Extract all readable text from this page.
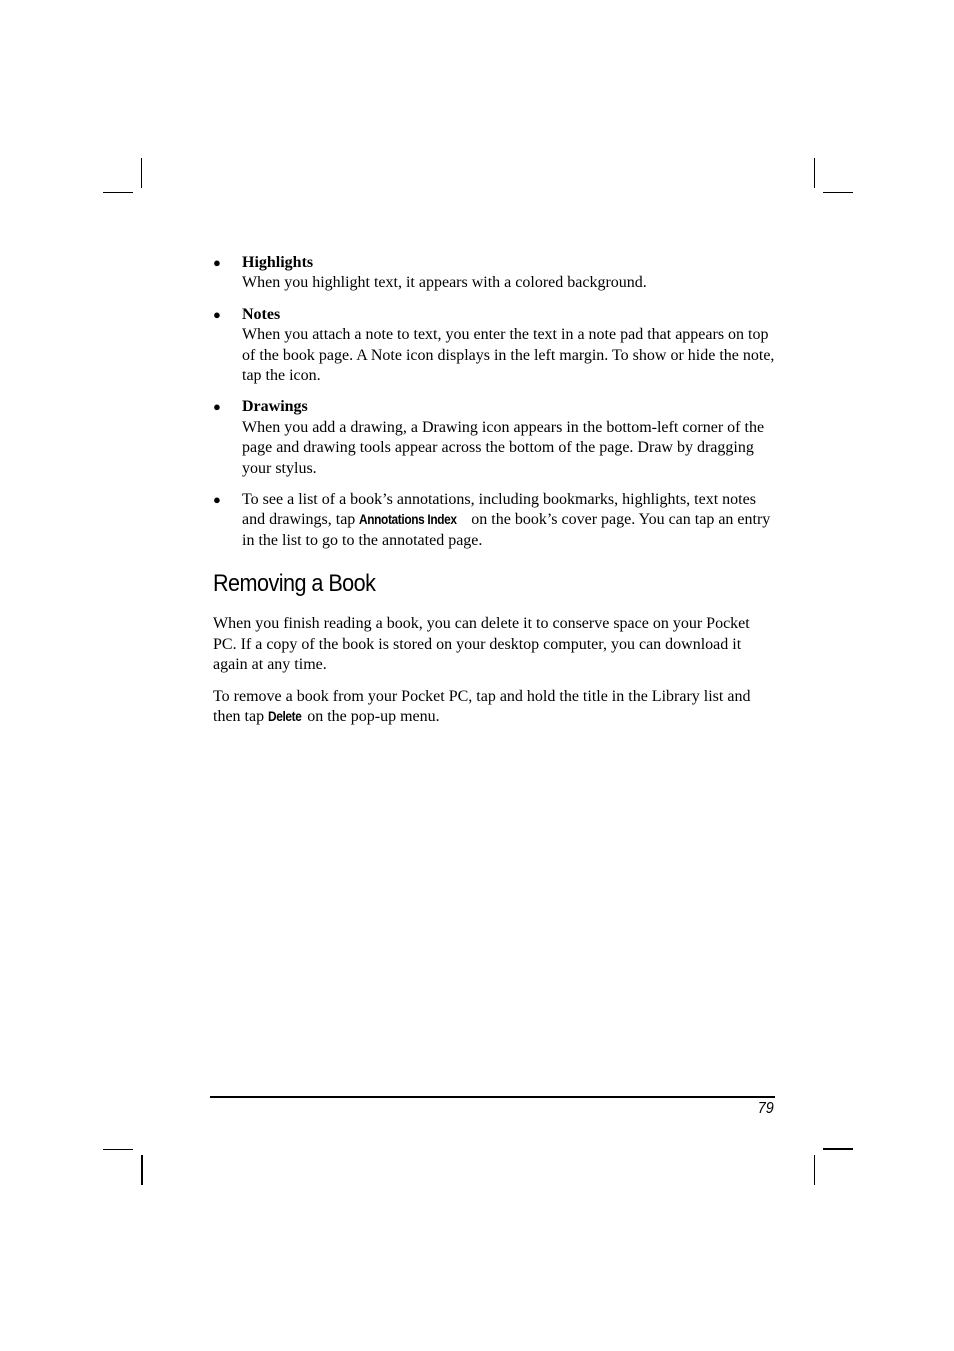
● Highlights
When you highlight text, it appears with a colored background.
● Notes
When you attach a note to text, you enter the text in a note pad that appears on top of the book page. A Note icon displays in the left margin. To show or hide the note, tap the icon.
● Drawings
When you add a drawing, a Drawing icon appears in the bottom-left corner of the page and drawing tools appear across the bottom of the page. Draw by dragging your stylus.
● To see a list of a book’s annotations, including bookmarks, highlights, text notes and drawings, tap Annotations Index on the book’s cover page. You can tap an entry in the list to go to the annotated page.
Removing a Book

When you finish reading a book, you can delete it to conserve space on your Pocket PC. If a copy of the book is stored on your desktop computer, you can download it again at any time.

To remove a book from your Pocket PC, tap and hold the title in the Library list and then tap Delete on the pop-up menu.

79
